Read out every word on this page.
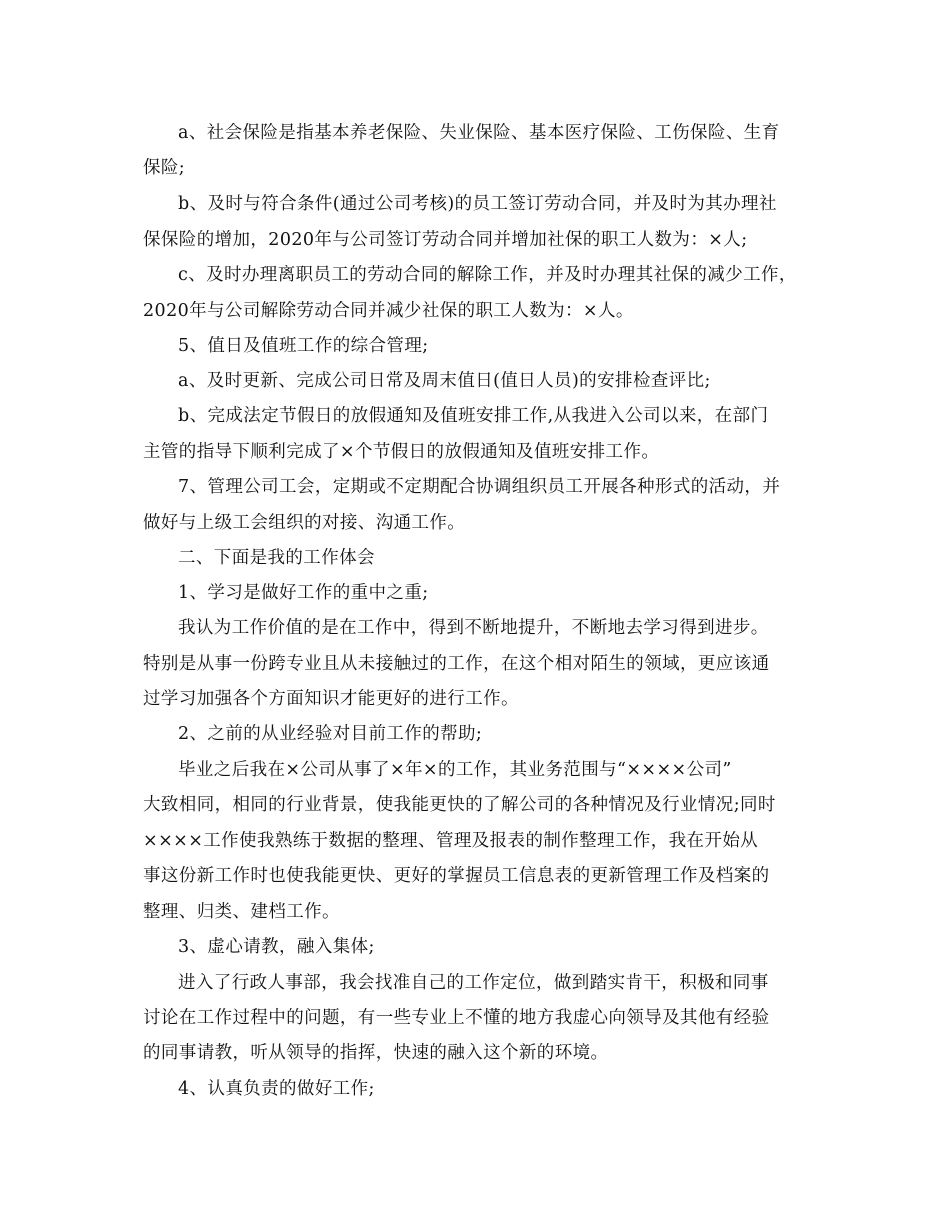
a、社会保险是指基本养老保险、失业保险、基本医疗保险、工伤保险、生育
保险;
b、及时与符合条件(通过公司考核)的员工签订劳动合同，并及时为其办理社
保保险的增加，2020年与公司签订劳动合同并增加社保的职工人数为：×人;
c、及时办理离职员工的劳动合同的解除工作，并及时办理其社保的减少工作，
2020年与公司解除劳动合同并减少社保的职工人数为：×人。
5、值日及值班工作的综合管理;
a、及时更新、完成公司日常及周末值日(值日人员)的安排检查评比;
b、完成法定节假日的放假通知及值班安排工作,从我进入公司以来，在部门
主管的指导下顺利完成了×个节假日的放假通知及值班安排工作。
7、管理公司工会，定期或不定期配合协调组织员工开展各种形式的活动，并
做好与上级工会组织的对接、沟通工作。
二、下面是我的工作体会
1、学习是做好工作的重中之重;
我认为工作价值的是在工作中，得到不断地提升，不断地去学习得到进步。
特别是从事一份跨专业且从未接触过的工作，在这个相对陌生的领域，更应该通
过学习加强各个方面知识才能更好的进行工作。
2、之前的从业经验对目前工作的帮助;
毕业之后我在×公司从事了×年×的工作，其业务范围与“××××公司”
大致相同，相同的行业背景，使我能更快的了解公司的各种情况及行业情况;同时
××××工作使我熟练于数据的整理、管理及报表的制作整理工作，我在开始从
事这份新工作时也使我能更快、更好的掌握员工信息表的更新管理工作及档案的
整理、归类、建档工作。
3、虚心请教，融入集体;
进入了行政人事部，我会找准自己的工作定位，做到踏实肯干，积极和同事
讨论在工作过程中的问题，有一些专业上不懂的地方我虚心向领导及其他有经验
的同事请教，听从领导的指挥，快速的融入这个新的环境。
4、认真负责的做好工作;
